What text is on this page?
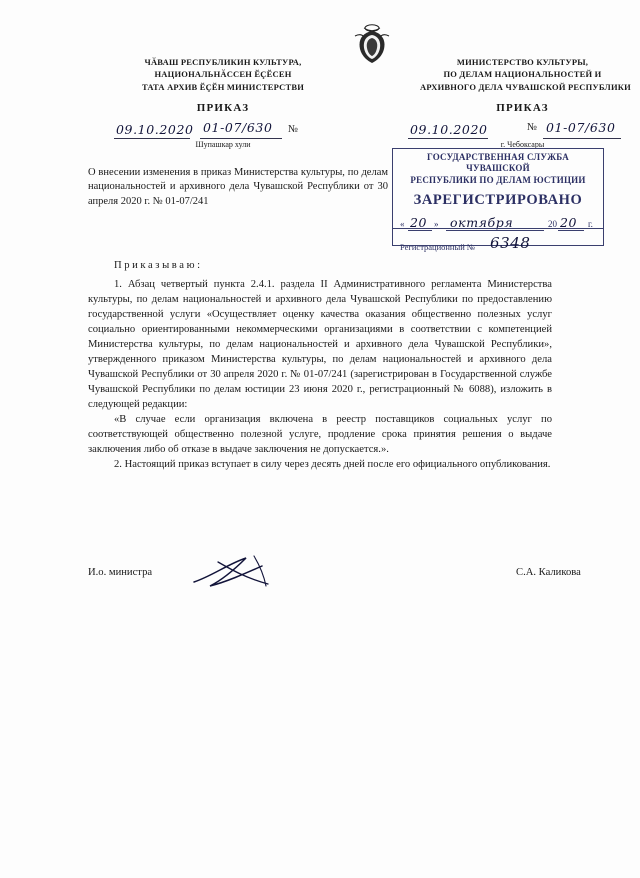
ЧӐВАШ РЕСПУБЛИКИН КУЛЬТУРА,
НАЦИОНАЛЬНӐССЕН ӖҪӖСЕН
ТАТА АРХИВ ӖҪӖН МИНИСТЕРСТВИ
МИНИСТЕРСТВО КУЛЬТУРЫ,
ПО ДЕЛАМ НАЦИОНАЛЬНОСТЕЙ И
АРХИВНОГО ДЕЛА ЧУВАШСКОЙ РЕСПУБЛИКИ
ПРИКАЗ	ПРИКАЗ
09.10.2020 01-07/630 №
Шупашкар хули
09.10.2020	№ 01-07/630
г. Чебоксары
О внесении изменения в приказ Министерства культуры, по делам национальностей и архивного дела Чувашской Республики от 30 апреля 2020 г. № 01-07/241
ГОСУДАРСТВЕННАЯ СЛУЖБА ЧУВАШСКОЙ
РЕСПУБЛИКИ ПО ДЕЛАМ ЮСТИЦИИ
ЗАРЕГИСТРИРОВАНО
« 20 » октября	20 20 г.
Регистрационный № 6348
Приказываю:

1. Абзац четвертый пункта 2.4.1. раздела II Административного регламента Министерства культуры, по делам национальностей и архивного дела Чувашской Республики по предоставлению государственной услуги «Осуществляет оценку качества оказания общественно полезных услуг социально ориентированными некоммерческими организациями в соответствии с компетенцией Министерства культуры, по делам национальностей и архивного дела Чувашской Республики», утвержденного приказом Министерства культуры, по делам национальностей и архивного дела Чувашской Республики от 30 апреля 2020 г. № 01-07/241 (зарегистрирован в Государственной службе Чувашской Республики по делам юстиции 23 июня 2020 г., регистрационный № 6088), изложить в следующей редакции:

«В случае если организация включена в реестр поставщиков социальных услуг по соответствующей общественно полезной услуге, продление срока принятия решения о выдаче заключения либо об отказе в выдаче заключения не допускается.».

2. Настоящий приказ вступает в силу через десять дней после его официального опубликования.

И.о. министра	С.А. Каликова
